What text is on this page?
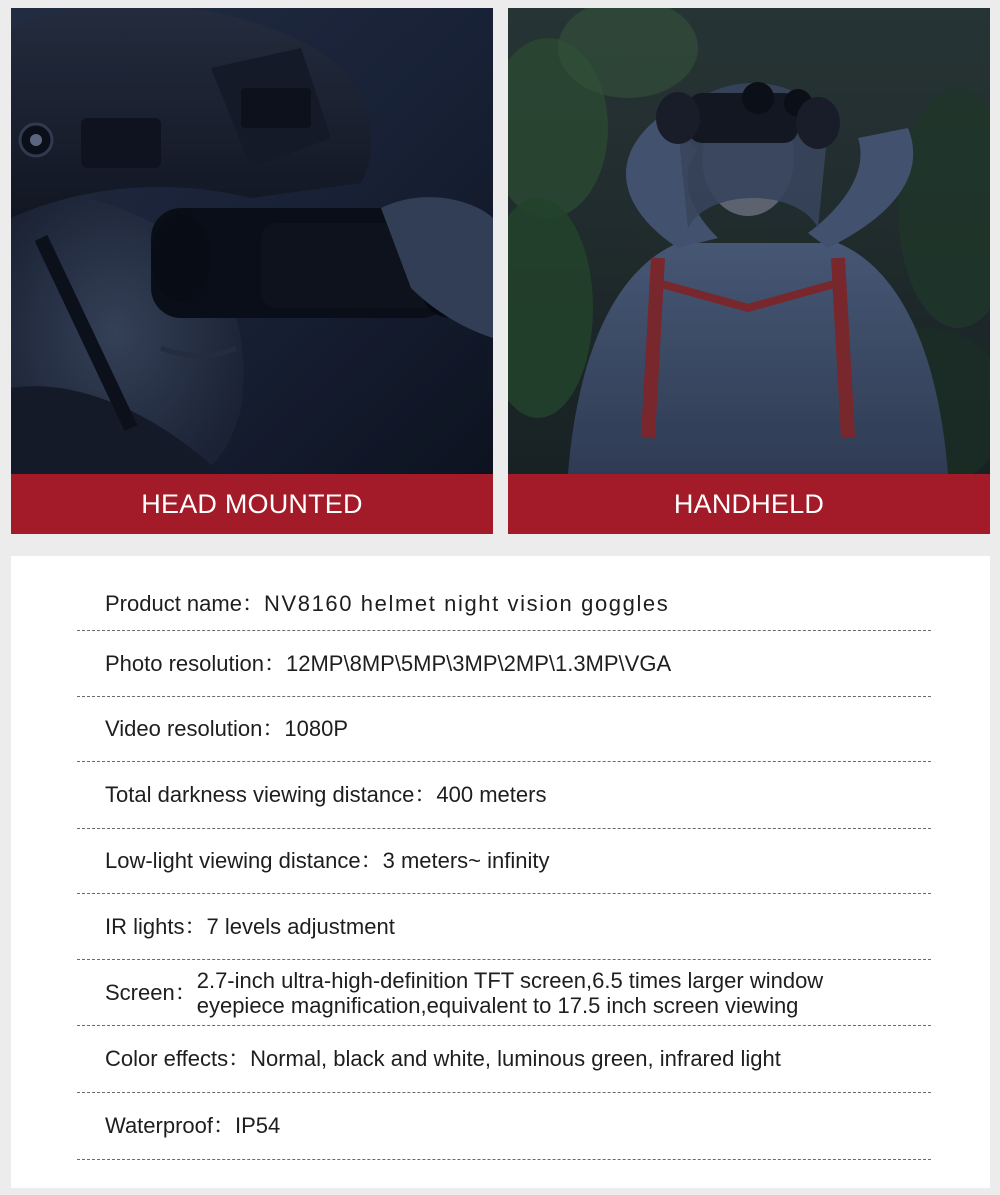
HEAD MOUNTED	HANDHELD
Product name： NV8160 helmet night vision goggles
Photo resolution： 12MP\8MP\5MP\3MP\2MP\1.3MP\VGA
Video resolution： 1080P
Total darkness viewing distance： 400 meters
Low-light viewing distance： 3 meters~ infinity
IR lights： 7 levels adjustment
Screen： 2.7-inch ultra-high-definition TFT screen,6.5 times larger window eyepiece magnification,equivalent to 17.5 inch screen viewing
Color effects： Normal, black and white, luminous green, infrared light
Waterproof： IP54
